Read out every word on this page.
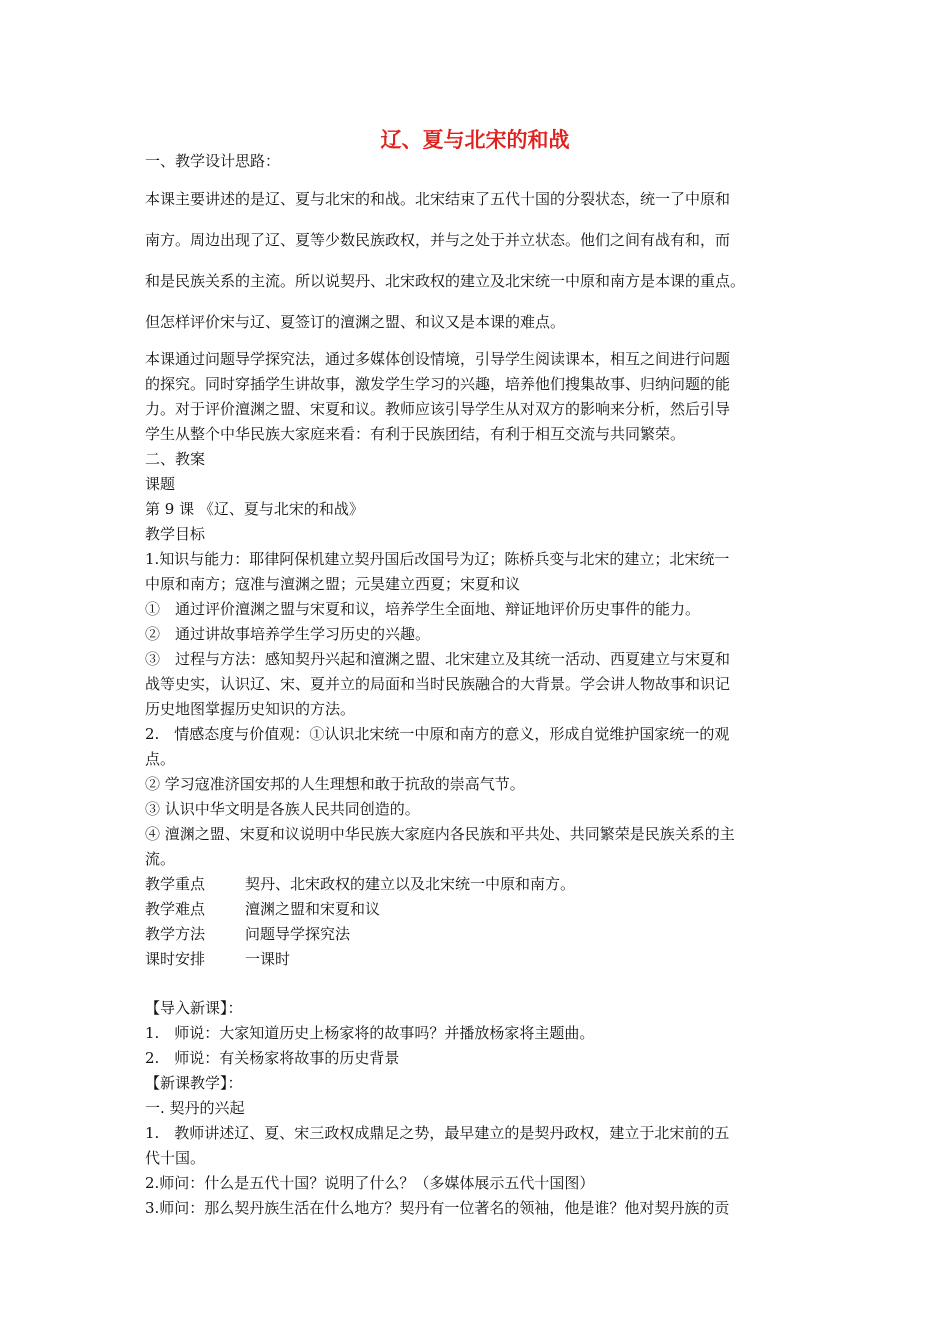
辽、夏与北宋的和战
一、教学设计思路：
本课主要讲述的是辽、夏与北宋的和战。北宋结束了五代十国的分裂状态，统一了中原和
南方。周边出现了辽、夏等少数民族政权，并与之处于并立状态。他们之间有战有和，而
和是民族关系的主流。所以说契丹、北宋政权的建立及北宋统一中原和南方是本课的重点。
但怎样评价宋与辽、夏签订的澶渊之盟、和议又是本课的难点。
本课通过问题导学探究法，通过多媒体创设情境，引导学生阅读课本，相互之间进行问题
的探究。同时穿插学生讲故事，激发学生学习的兴趣，培养他们搜集故事、归纳问题的能
力。对于评价澶渊之盟、宋夏和议。教师应该引导学生从对双方的影响来分析，然后引导
学生从整个中华民族大家庭来看：有利于民族团结，有利于相互交流与共同繁荣。
二、教案
课题
第 9 课 《辽、夏与北宋的和战》
教学目标
1.知识与能力：耶律阿保机建立契丹国后改国号为辽；陈桥兵变与北宋的建立；北宋统一
中原和南方；寇准与澶渊之盟；元昊建立西夏；宋夏和议
①　通过评价澶渊之盟与宋夏和议，培养学生全面地、辩证地评价历史事件的能力。
②　通过讲故事培养学生学习历史的兴趣。
③　过程与方法：感知契丹兴起和澶渊之盟、北宋建立及其统一活动、西夏建立与宋夏和
战等史实，认识辽、宋、夏并立的局面和当时民族融合的大背景。学会讲人物故事和识记
历史地图掌握历史知识的方法。
2.　情感态度与价值观：①认识北宋统一中原和南方的意义，形成自觉维护国家统一的观
点。
② 学习寇准济国安邦的人生理想和敢于抗敌的崇高气节。
③ 认识中华文明是各族人民共同创造的。
④ 澶渊之盟、宋夏和议说明中华民族大家庭内各民族和平共处、共同繁荣是民族关系的主
流。
教学重点	契丹、北宋政权的建立以及北宋统一中原和南方。
教学难点	澶渊之盟和宋夏和议
教学方法	问题导学探究法
课时安排	一课时
【导入新课】：
1.　师说：大家知道历史上杨家将的故事吗？并播放杨家将主题曲。
2.　师说：有关杨家将故事的历史背景
【新课教学】：
一. 契丹的兴起
1.　教师讲述辽、夏、宋三政权成鼎足之势，最早建立的是契丹政权，建立于北宋前的五
代十国。
2.师问：什么是五代十国？说明了什么？（多媒体展示五代十国图）
3.师问：那么契丹族生活在什么地方？契丹有一位著名的领袖，他是谁？他对契丹族的贡
